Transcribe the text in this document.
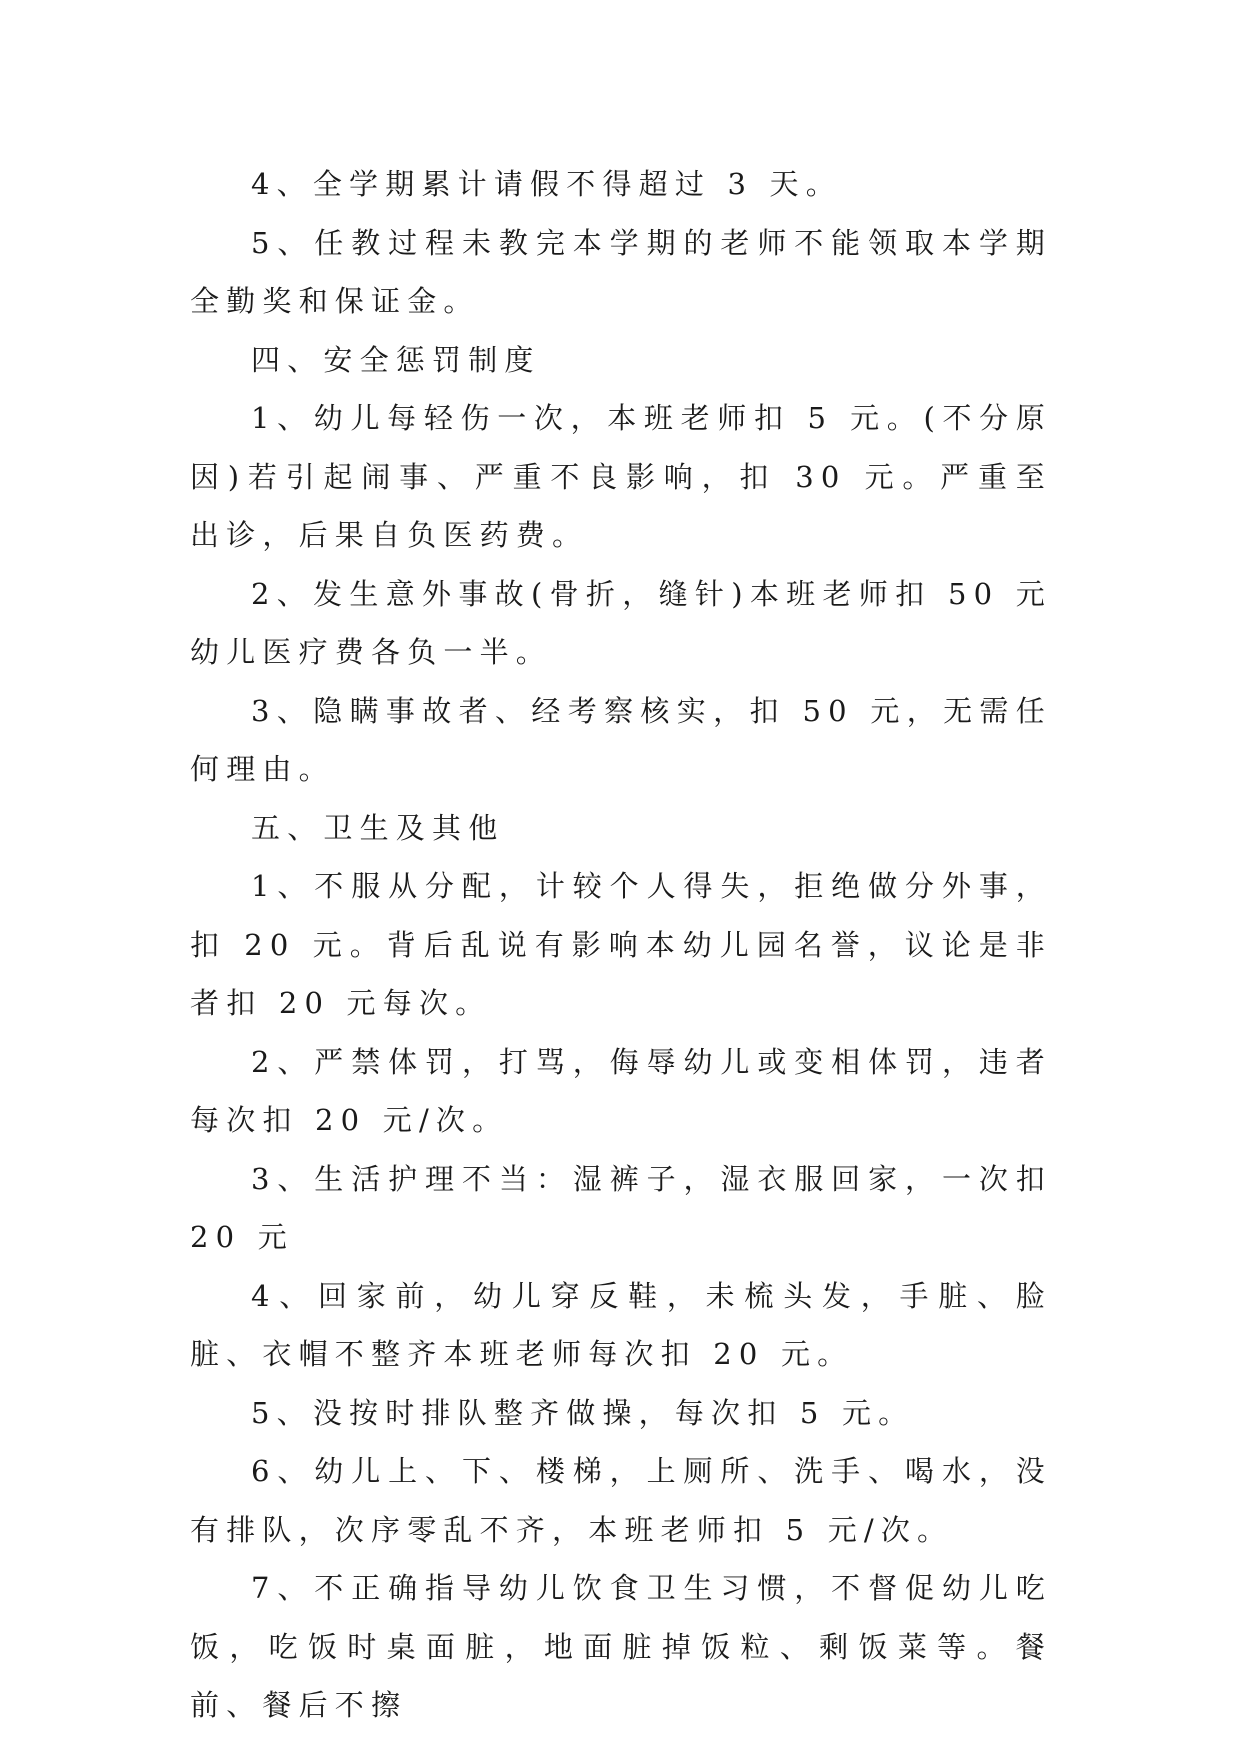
4、全学期累计请假不得超过 3 天。

5、任教过程未教完本学期的老师不能领取本学期全勤奖和保证金。

四、安全惩罚制度

1、幼儿每轻伤一次，本班老师扣 5 元。(不分原因)若引起闹事、严重不良影响，扣 30 元。严重至出诊，后果自负医药费。

2、发生意外事故(骨折，缝针)本班老师扣 50 元幼儿医疗费各负一半。

3、隐瞒事故者、经考察核实，扣 50 元，无需任何理由。

五、卫生及其他

1、不服从分配，计较个人得失，拒绝做分外事，扣 20 元。背后乱说有影响本幼儿园名誉，议论是非者扣 20 元每次。

2、严禁体罚，打骂，侮辱幼儿或变相体罚，违者每次扣 20 元/次。

3、生活护理不当：湿裤子，湿衣服回家，一次扣 20 元

4、回家前，幼儿穿反鞋，未梳头发，手脏、脸脏、衣帽不整齐本班老师每次扣 20 元。

5、没按时排队整齐做操，每次扣 5 元。

6、幼儿上、下、楼梯，上厕所、洗手、喝水，没有排队，次序零乱不齐，本班老师扣 5 元/次。

7、不正确指导幼儿饮食卫生习惯，不督促幼儿吃饭，吃饭时桌面脏，地面脏掉饭粒、剩饭菜等。餐前、餐后不擦
